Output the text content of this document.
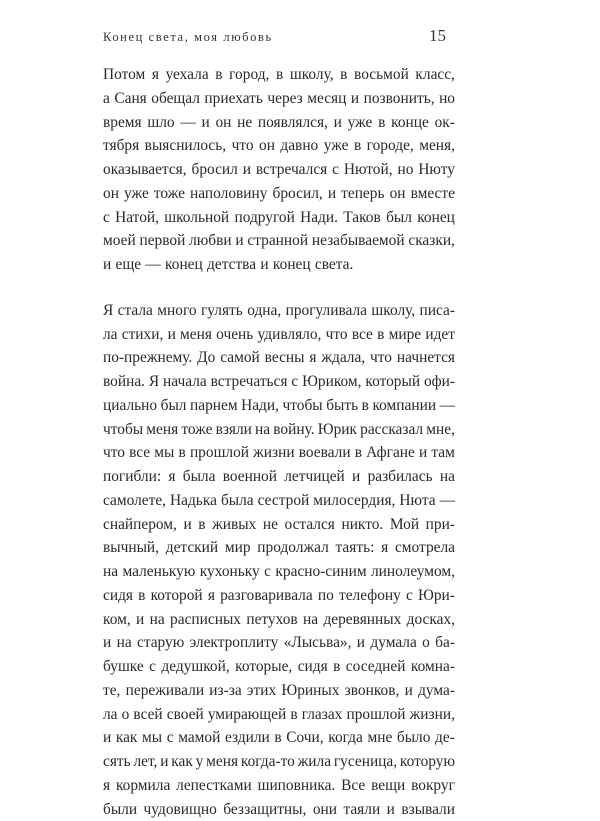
Конец света, моя любовь	15
Потом я уехала в город, в школу, в восьмой класс,
а Саня обещал приехать через месяц и позвонить, но
время шло — и он не появлялся, и уже в конце ок-
тября выяснилось, что он давно уже в городе, меня,
оказывается, бросил и встречался с Нютой, но Нюту
он уже тоже наполовину бросил, и теперь он вместе
с Натой, школьной подругой Нади. Таков был конец
моей первой любви и странной незабываемой сказки,
и еще — конец детства и конец света.
Я стала много гулять одна, прогуливала школу, писа-
ла стихи, и меня очень удивляло, что все в мире идет
по-прежнему. До самой весны я ждала, что начнется
война. Я начала встречаться с Юриком, который офи-
циально был парнем Нади, чтобы быть в компании —
чтобы меня тоже взяли на войну. Юрик рассказал мне,
что все мы в прошлой жизни воевали в Афгане и там
погибли: я была военной летчицей и разбилась на
самолете, Надька была сестрой милосердия, Нюта —
снайпером, и в живых не остался никто. Мой при-
вычный, детский мир продолжал таять: я смотрела
на маленькую кухоньку с красно-синим линолеумом,
сидя в которой я разговаривала по телефону с Юри-
ком, и на расписных петухов на деревянных досках,
и на старую электроплиту «Лысьва», и думала о ба-
бушке с дедушкой, которые, сидя в соседней комна-
те, переживали из-за этих Юриных звонков, и дума-
ла о всей своей умирающей в глазах прошлой жизни,
и как мы с мамой ездили в Сочи, когда мне было де-
сять лет, и как у меня когда-то жила гусеница, которую
я кормила лепестками шиповника. Все вещи вокруг
были чудовищно беззащитны, они таяли и взывали
